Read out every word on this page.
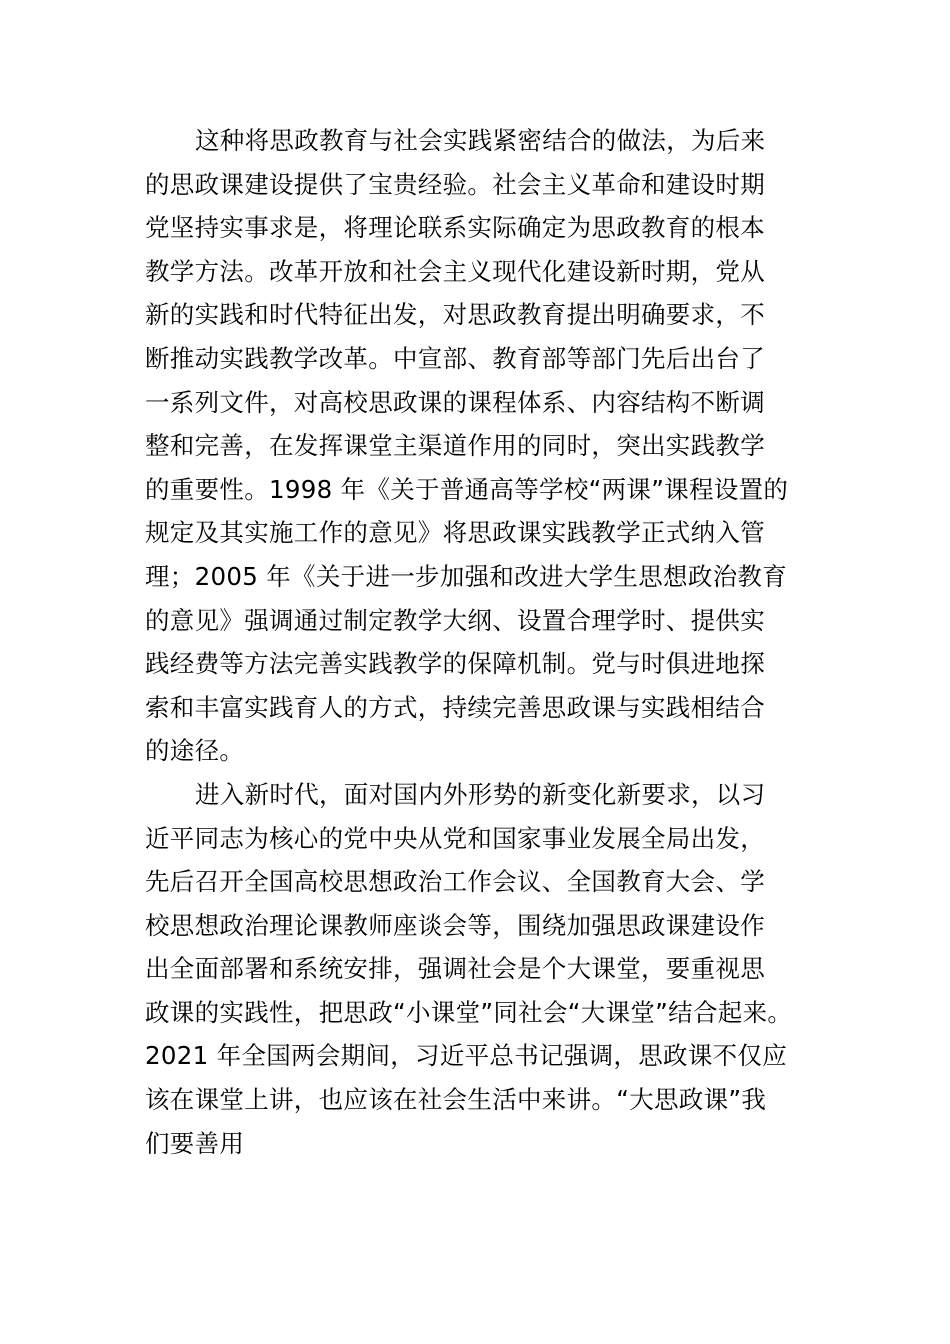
这种将思政教育与社会实践紧密结合的做法，为后来
的思政课建设提供了宝贵经验。社会主义革命和建设时期
党坚持实事求是，将理论联系实际确定为思政教育的根本
教学方法。改革开放和社会主义现代化建设新时期，党从
新的实践和时代特征出发，对思政教育提出明确要求，不
断推动实践教学改革。中宣部、教育部等部门先后出台了
一系列文件，对高校思政课的课程体系、内容结构不断调
整和完善，在发挥课堂主渠道作用的同时，突出实践教学
的重要性。1998 年《关于普通高等学校“两课”课程设置的
规定及其实施工作的意见》将思政课实践教学正式纳入管
理；2005 年《关于进一步加强和改进大学生思想政治教育
的意见》强调通过制定教学大纲、设置合理学时、提供实
践经费等方法完善实践教学的保障机制。党与时俱进地探
索和丰富实践育人的方式，持续完善思政课与实践相结合
的途径。
进入新时代，面对国内外形势的新变化新要求，以习
近平同志为核心的党中央从党和国家事业发展全局出发，
先后召开全国高校思想政治工作会议、全国教育大会、学
校思想政治理论课教师座谈会等，围绕加强思政课建设作
出全面部署和系统安排，强调社会是个大课堂，要重视思
政课的实践性，把思政“小课堂”同社会“大课堂”结合起来。
2021 年全国两会期间，习近平总书记强调，思政课不仅应
该在课堂上讲，也应该在社会生活中来讲。“大思政课”我
们要善用
